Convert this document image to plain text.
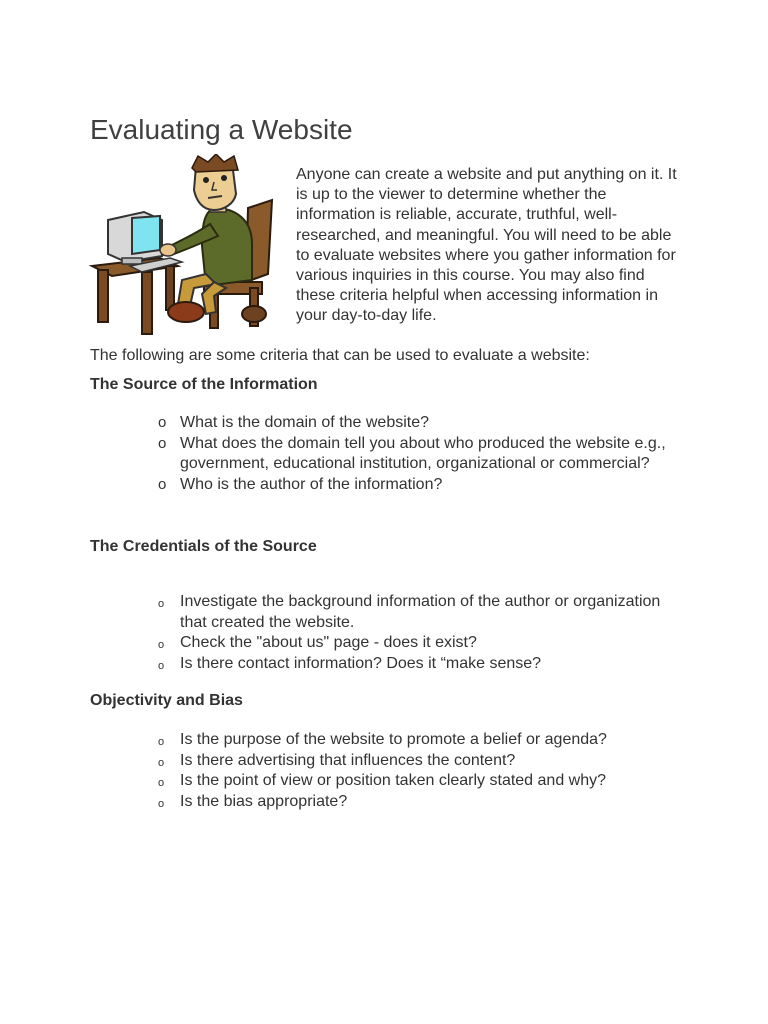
Evaluating a Website

Anyone can create a website and put anything on it. It is up to the viewer to determine whether the information is reliable, accurate, truthful, well-researched, and meaningful. You will need to be able to evaluate websites where you gather information for various inquiries in this course. You may also find these criteria helpful when accessing information in your day-to-day life.

The following are some criteria that can be used to evaluate a website:

The Source of the Information
o What is the domain of the website?
o What does the domain tell you about who produced the website e.g., government, educational institution, organizational or commercial?
o Who is the author of the information?
The Credentials of the Source
o Investigate the background information of the author or organization that created the website.
o Check the "about us" page - does it exist?
o Is there contact information? Does it “make sense?
Objectivity and Bias
o Is the purpose of the website to promote a belief or agenda?
o Is there advertising that influences the content?
o Is the point of view or position taken clearly stated and why?
o Is the bias appropriate?
